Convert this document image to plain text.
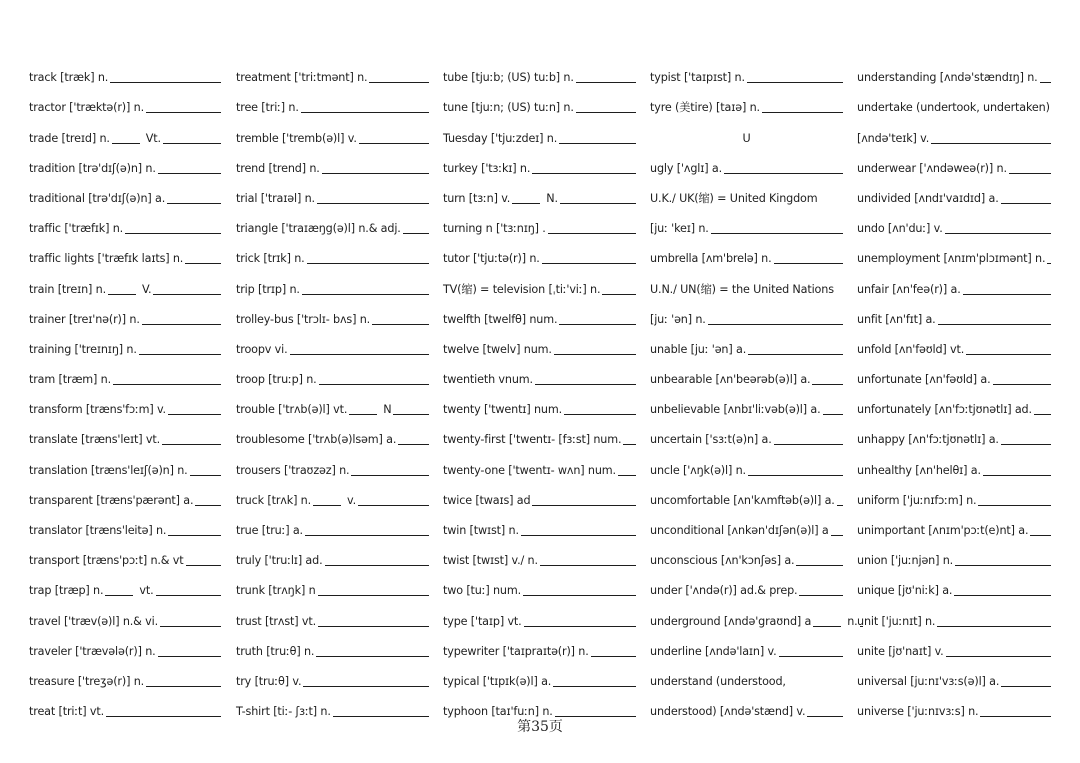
track [træk] n.
tractor ['træktə(r)] n.
trade [treɪd] n.	Vt.
tradition [trə'dɪʃ(ə)n] n.
traditional [trə'dɪʃ(ə)n] a.
traffic ['træfɪk] n.
traffic lights ['træfɪk laɪts] n.
train [treɪn] n.	V.
trainer [treɪ'nə(r)] n.
training ['treɪnɪŋ] n.
tram [træm] n.
transform [træns'fɔːm] v.
translate [træns'leɪt] vt.
translation [træns'leɪʃ(ə)n] n.
transparent [træns'pærənt] a.
translator [træns'leitə] n.
transport [træns'pɔːt] n.& vt
trap [træp] n.	vt.
travel ['træv(ə)l] n.& vi.
traveler ['trævələ(r)] n.
treasure ['treʒə(r)] n.
treat [triːt] vt.
treatment ['triːtmənt] n.
tree [triː] n.
tremble ['tremb(ə)l] v.
trend [trend] n.
trial ['traɪəl] n.
triangle ['traɪæŋg(ə)l] n.& adj.
trick [trɪk] n.
trip [trɪp] n.
trolley-bus ['trɔlɪ- bʌs] n.
troopv vi.
troop [truːp] n.
trouble ['trʌb(ə)l] vt.	N
troublesome ['trʌb(ə)lsəm] a.
trousers ['traʊzəz] n.
truck [trʌk] n.	v.
true [truː] a.
truly ['truːlɪ] ad.
trunk [trʌŋk] n
trust [trʌst] vt.
truth [truːθ] n.
try [truːθ] v.
T-shirt [tiː- ʃɜːt] n.
tube [tjuːb; (US) tuːb] n.
tune [tjuːn; (US) tuːn] n.
Tuesday ['tjuːzdeɪ] n.
turkey ['tɜːkɪ] n.
turn [tɜːn] v.	N.
turning n ['tɜːnɪŋ] .
tutor ['tjuːtə(r)] n.
TV(缩) = television [ˌtiː'viː] n.
twelfth [twelfθ] num.
twelve [twelv] num.
twentieth vnum.
twenty ['twentɪ] num.
twenty-first ['twentɪ- [fɜːst] num.
twenty-one ['twentɪ- wʌn] num.
twice [twaɪs] ad
twin [twɪst] n.
twist [twɪst] v./ n.
two [tuː] num.
type ['taɪp] vt.
typewriter ['taɪpraɪtə(r)] n.
typical ['tɪpɪk(ə)l] a.
typhoon [taɪ'fuːn] n.
typist ['taɪpɪst] n.
tyre (美tire) [taɪə] n.
U
ugly ['ʌglɪ] a.
U.K./ UK(缩) = United Kingdom
[juː 'keɪ] n.
umbrella [ʌm'brelə] n.
U.N./ UN(缩) = the United Nations
[juː 'ən] n.
unable [juː 'ən] a.
unbearable [ʌn'beərəb(ə)l] a.
unbelievable [ʌnbɪ'liːvəb(ə)l] a.
uncertain ['sɜːt(ə)n] a.
uncle ['ʌŋk(ə)l] n.
uncomfortable [ʌn'kʌmftəb(ə)l] a.
unconditional [ʌnkən'dɪʃən(ə)l] a
unconscious [ʌn'kɔnʃəs] a.
under ['ʌndə(r)] ad.& prep.
underground [ʌndə'graʊnd] a	n.
underline [ʌndə'laɪn] v.
understand (understood,
understood) [ʌndə'stænd] v.
understanding [ʌndə'stændɪŋ] n.
undertake (undertook, undertaken)
[ʌndə'teɪk] v.
underwear ['ʌndəweə(r)] n.
undivided [ʌndɪ'vaɪdɪd] a.
undo [ʌn'duː] v.
unemployment [ʌnɪm'plɔɪmənt] n.
unfair [ʌn'feə(r)] a.
unfit [ʌn'fɪt] a.
unfold [ʌn'fəʊld] vt.
unfortunate [ʌn'fəʊld] a.
unfortunately [ʌn'fɔːtjʊnətlɪ] ad.
unhappy [ʌn'fɔːtjʊnətlɪ] a.
unhealthy [ʌn'helθɪ] a.
uniform ['juːnɪfɔːm] n.
unimportant [ʌnɪm'pɔːt(e)nt] a.
union ['juːnjən] n.
unique [jʊ'niːk] a.
unit ['juːnɪt] n.
unite [jʊ'naɪt] v.
universal [juːnɪ'vɜːs(ə)l] a.
universe ['juːnɪvɜːs] n.
第35页
